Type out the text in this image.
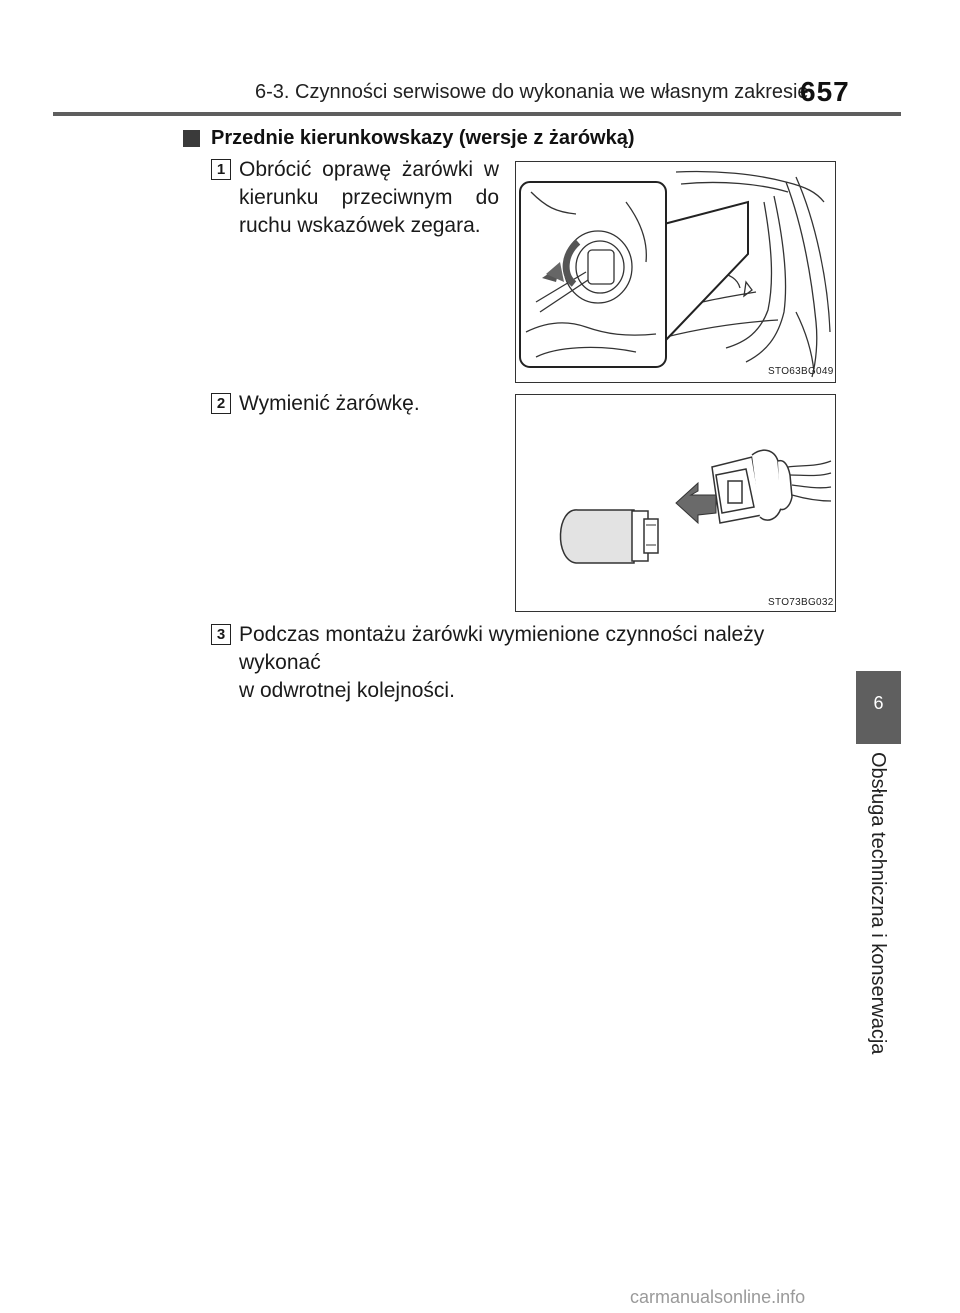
6-3. Czynności serwisowe do wykonania we własnym zakresie
657
6
Obsługa techniczna i konserwacja
Przednie kierunkowskazy (wersje z żarówką)
1 Obrócić oprawę żarówki w kierunku przeciwnym do ruchu wskazówek zegara.
STO63BG049
2 Wymienić żarówkę.
STO73BG032
3 Podczas montażu żarówki wymienione czynności należy wykonać
w odwrotnej kolejności.
carmanualsonline.info
